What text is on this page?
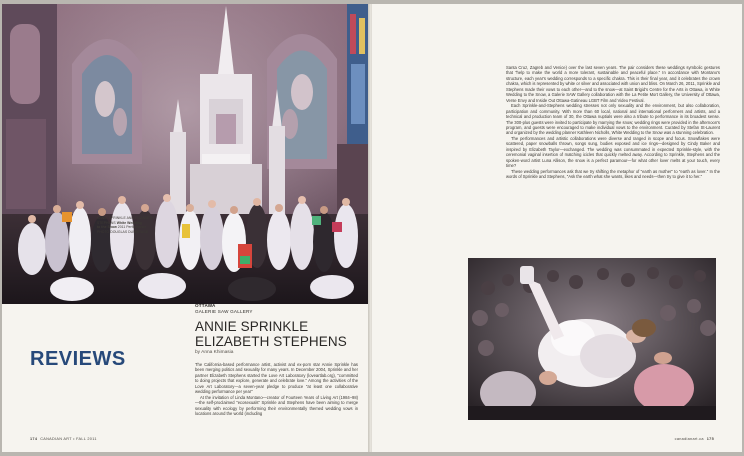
ANNIE SPRINKLE AND ELIZABETH
STEPHENS White Wedding
to the Snow 2011 Performance
PHOTO DOUGLAS DUMBRAGE
REVIEWS
OTTAWA
GALERIE SAW GALLERY
ANNIE SPRINKLE
ELIZABETH STEPHENS
by Anna Khimasia

The California-based performance artist, activist and ex-porn star Annie Sprinkle has been merging politics and sexuality for many years. In December 2004, Sprinkle and her partner Elizabeth Stephens started the Love Art Laboratory (loveartlab.org), "committed to doing projects that explore, generate and celebrate love." Among the activities of the Love Art Laboratory—a seven-year pledge to produce "at least one collaborative wedding performance per year"

At the invitation of Linda Montano—creator of Fourteen Years of Living Art (1984–98)—the self-proclaimed "ecosexuals" Sprinkle and Stephens have been aiming to merge sexuality with ecology by performing their environmentally themed wedding vows in locations around the world (including

174 CANADIAN ART • FALL 2011

Santa Cruz, Zagreb and Venice) over the last seven years. The pair considers these weddings symbolic gestures that "help to make the world a more tolerant, sustainable and peaceful place." In accordance with Montano's structure, each year's wedding corresponds to a specific chakra. This is their final year, and it celebrates the crown chakra, which is represented by white or silver and associated with union and bliss. On March 26, 2011, Sprinkle and Stephens made their vows to each other—and to the snow—at Saint Brigid's Centre for the Arts in Ottawa, in White Wedding to the Snow, a Galerie SAW Gallery collaboration with the La Petite Mort Gallery, the University of Ottawa, Verse Envy and Inside Out Ottawa-Gatineau LGBT Film and Video Festival.

Each Sprinkle-and-Stephens wedding stresses not only sexuality and the environment, but also collaboration, participation and community. With more than 60 local, national and international performers and artists, and a technical and production team of 30, the Ottawa nuptials were also a tribute to performance in its broadest sense. The 300-plus guests were invited to participate by marrying the snow; wedding rings were provided in the afternoon's program, and guests were encouraged to make individual vows to the environment. Curated by Stefan St-Laurent and organized by the wedding planner Kathleen Nicholls, White Wedding to the Snow was a stunning celebration.

The performances and artistic collaborations were diverse and ranged in scope and focus. Snowflakes were scattered, paper snowballs thrown, songs sung, bodies exposed and ice rings—designed by Cindy Baker and inspired by Elizabeth Taylor—exchanged. The wedding was consummated in expected Sprinkle-style, with the ceremonial vaginal insertion of matching icicles that quickly melted away. According to Sprinkle, Stephens and the spoken-word artist Luna Allison, the snow is a perfect paramour—for what other lover melts at your touch, every time?

These wedding performances ask that we try shifting the metaphor of "earth as mother" to "earth as lover." In the words of Sprinkle and Stephens, "Ask the earth what she wants, likes and needs—then try to give it to her."

canadianart.ca 175
